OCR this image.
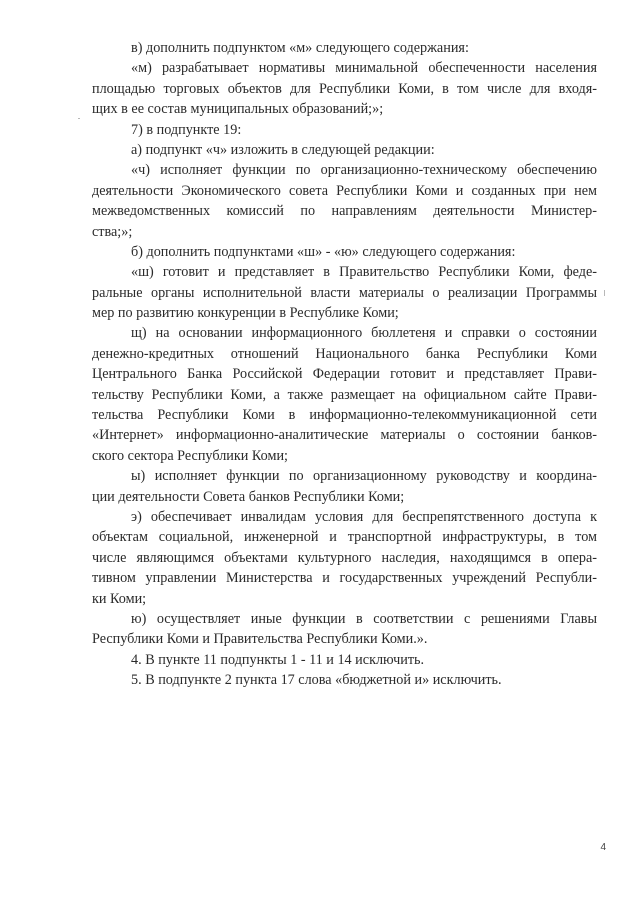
в) дополнить подпунктом «м» следующего содержания:
«м) разрабатывает нормативы минимальной обеспеченности населения
площадью торговых объектов для Республики Коми, в том числе для входя-
щих в ее состав муниципальных образований;»;
7) в подпункте 19:
а) подпункт «ч» изложить в следующей редакции:
«ч) исполняет функции по организационно-техническому обеспечению
деятельности Экономического совета Республики Коми и созданных при нем
межведомственных комиссий по направлениям деятельности Министер-
ства;»;
б) дополнить подпунктами «ш» - «ю» следующего содержания:
«ш) готовит и представляет в Правительство Республики Коми, феде-
ральные органы исполнительной власти материалы о реализации Программы
мер по развитию конкуренции в Республике Коми;
щ) на основании информационного бюллетеня и справки о состоянии
денежно-кредитных отношений Национального банка Республики Коми
Центрального Банка Российской Федерации готовит и представляет Прави-
тельству Республики Коми, а также размещает на официальном сайте Прави-
тельства Республики Коми в информационно-телекоммуникационной сети
«Интернет» информационно-аналитические материалы о состоянии банков-
ского сектора Республики Коми;
ы) исполняет функции по организационному руководству и координа-
ции деятельности Совета банков Республики Коми;
э) обеспечивает инвалидам условия для беспрепятственного доступа к
объектам социальной, инженерной и транспортной инфраструктуры, в том
числе являющимся объектами культурного наследия, находящимся в опера-
тивном управлении Министерства и государственных учреждений Республи-
ки Коми;
ю) осуществляет иные функции в соответствии с решениями Главы
Республики Коми и Правительства Республики Коми.».
4. В пункте 11 подпункты 1 - 11 и 14 исключить.
5. В подпункте 2 пункта 17 слова «бюджетной и» исключить.
4
